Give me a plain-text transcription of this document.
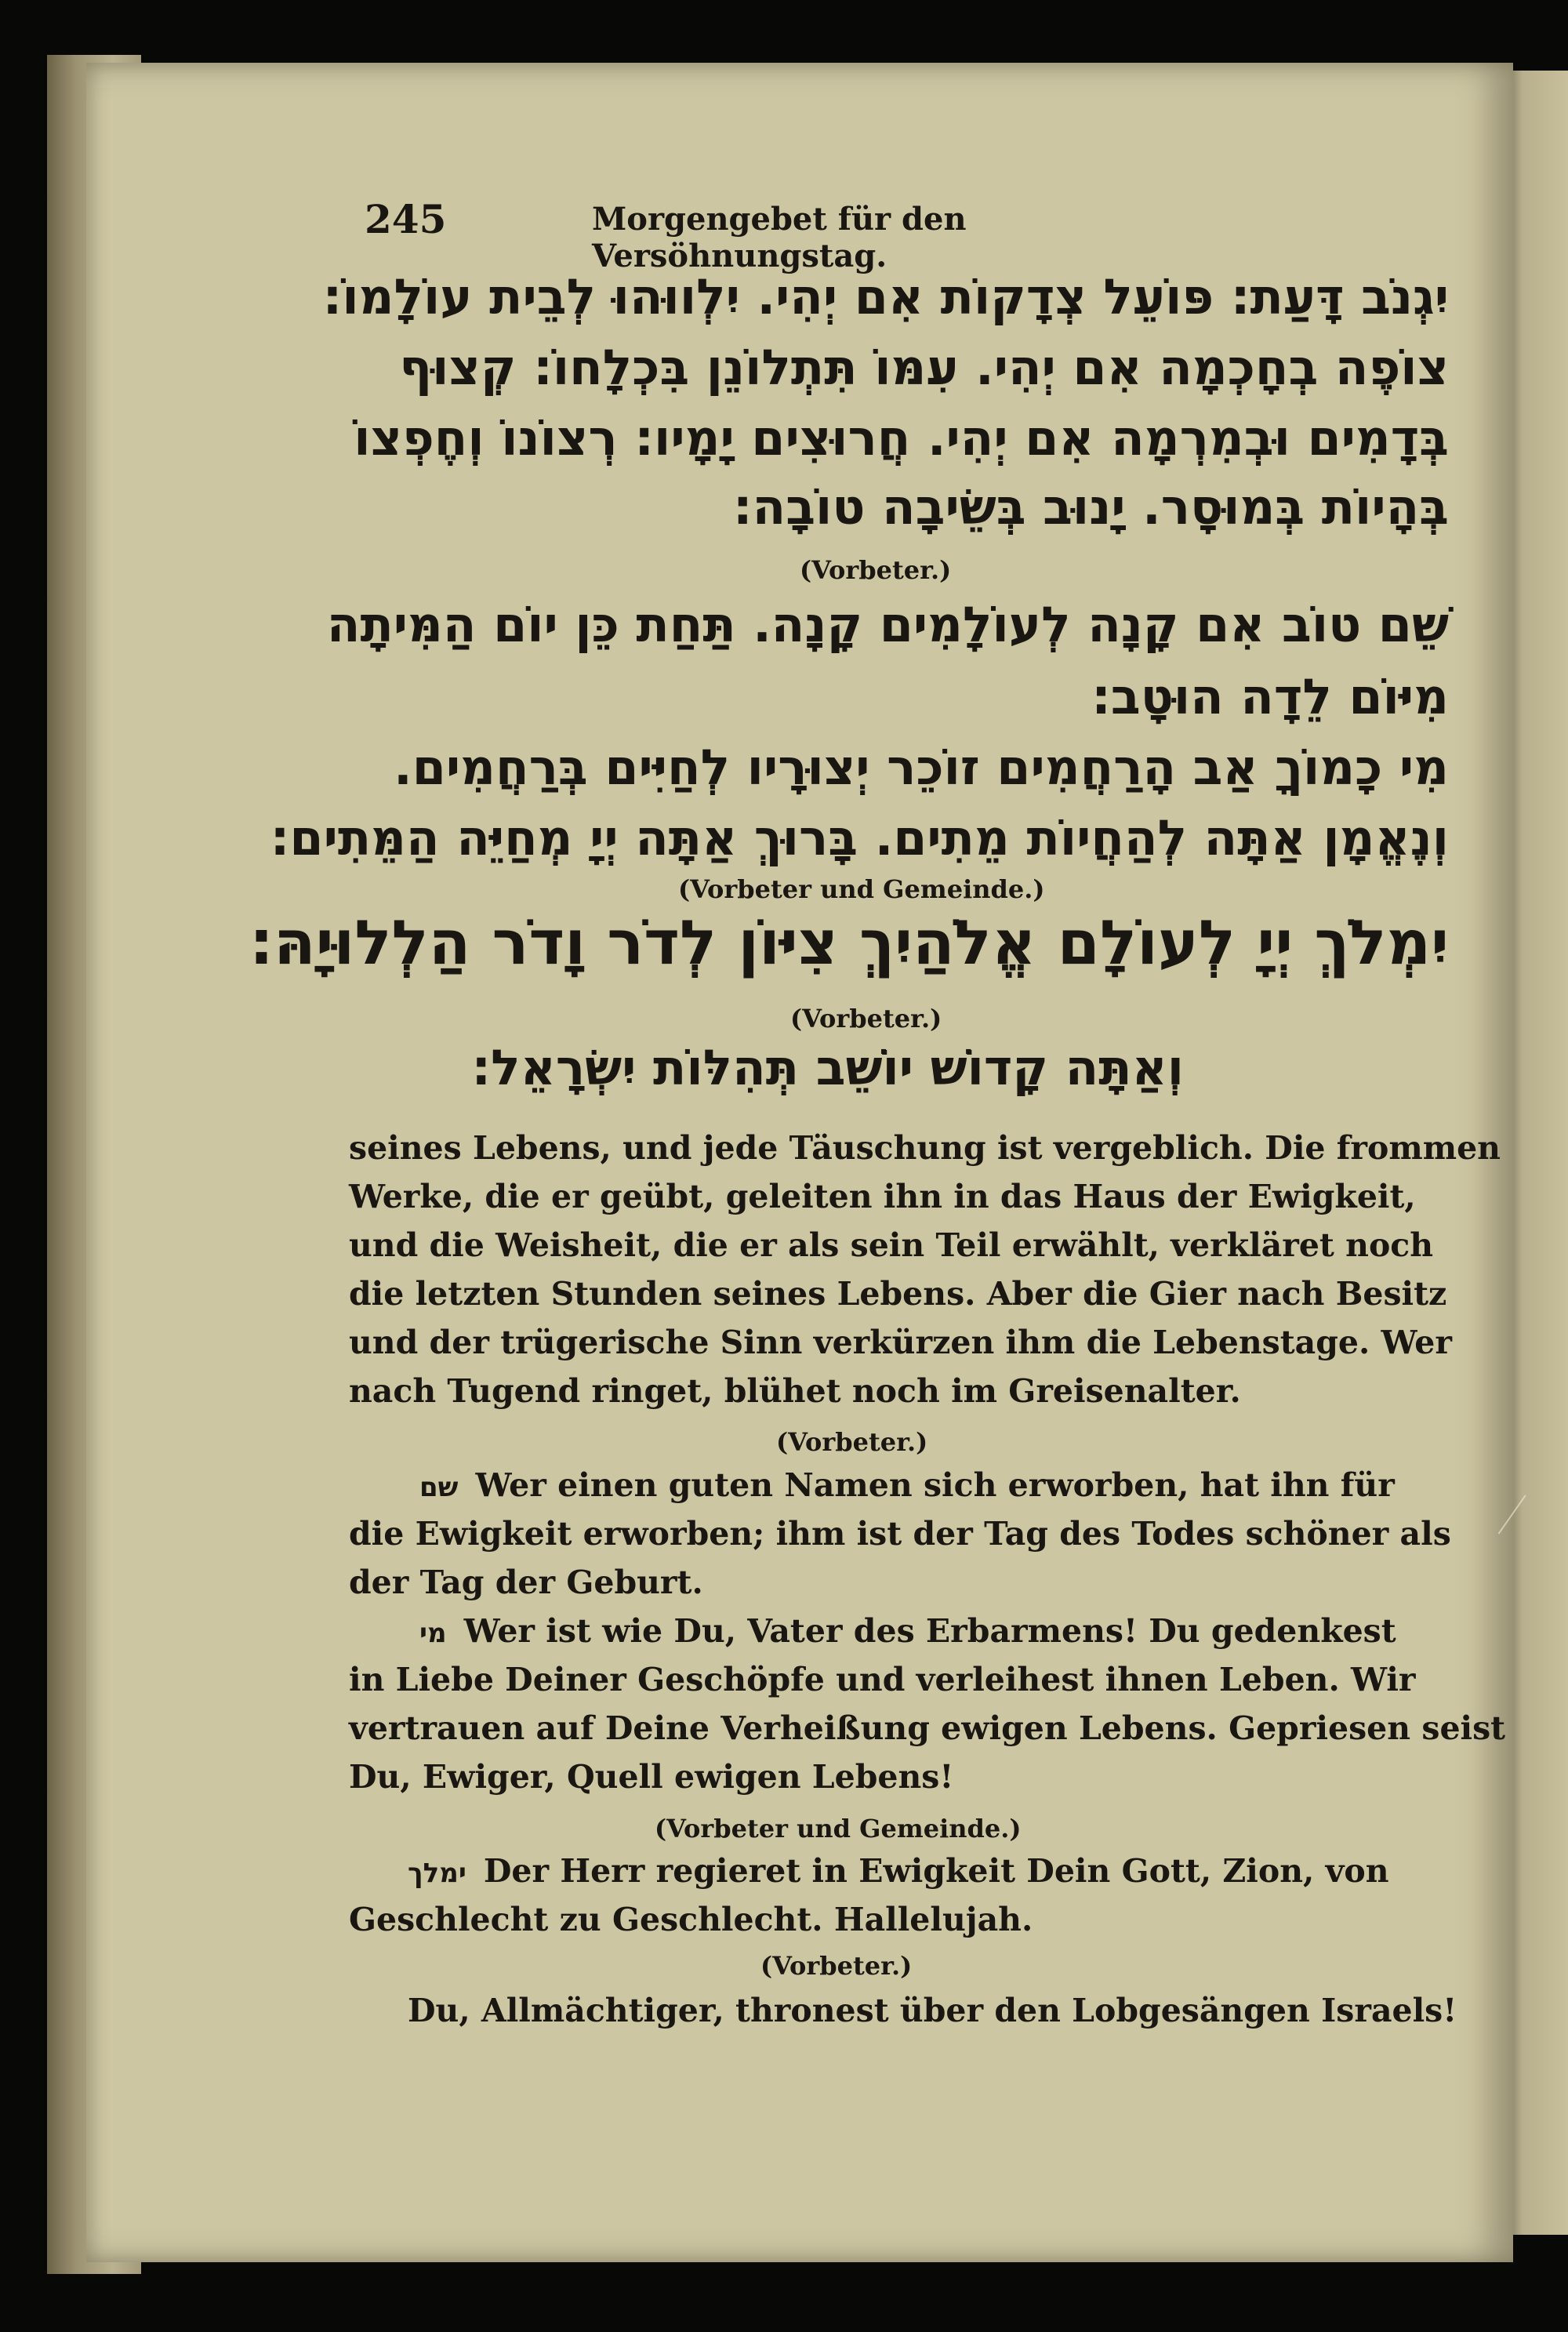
245	Morgengebet für den Versöhnungstag.
יִגְנֹב דָּעַת: פּוֹעֵל צְדָקוֹת אִם יְהִי. יִלְווּהוּ לְבֵית עוֹלָמוֹ:
צוֹפֶה בְחָכְמָה אִם יְהִי. עִמּוֹ תִּתְלוֹנֵן בִּכְלָחוֹ: קְצוּף
בְּדָמִים וּבְמִרְמָה אִם יְהִי. חֲרוּצִים יָמָיו: רְצוֹנוֹ וְחֶפְצוֹ
בְּהָיוֹת בְּמוּסָר. יָנוּב בְּשֵׂיבָה טוֹבָה:
(Vorbeter.)
שֵׁם טוֹב אִם קָנָה לְעוֹלָמִים קָנָה. תַּחַת כֵּן יוֹם הַמִּיתָה
מִיּוֹם לֵדָה הוּטָב:
מִי כָמוֹךָ אַב הָרַחֲמִים זוֹכֵר יְצוּרָיו לְחַיִּים בְּרַחֲמִים.
וְנֶאֱמָן אַתָּה לְהַחֲיוֹת מֵתִים. בָּרוּךְ אַתָּה יְיָ מְחַיֵּה הַמֵּתִים:
(Vorbeter und Gemeinde.)
יִמְלֹךְ יְיָ לְעוֹלָם אֱלֹהַיִךְ צִיּוֹן לְדֹר וָדֹר הַלְלוּיָהּ:
(Vorbeter.)
וְאַתָּה קָדוֹשׁ יוֹשֵׁב תְּהִלּוֹת יִשְׂרָאֵל:
seines Lebens, und jede Täuschung ist vergeblich. Die frommen
Werke, die er geübt, geleiten ihn in das Haus der Ewigkeit,
und die Weisheit, die er als sein Teil erwählt, verkläret noch
die letzten Stunden seines Lebens. Aber die Gier nach Besitz
und der trügerische Sinn verkürzen ihm die Lebenstage. Wer
nach Tugend ringet, blühet noch im Greisenalter.
(Vorbeter.)
שם Wer einen guten Namen sich erworben, hat ihn für
die Ewigkeit erworben; ihm ist der Tag des Todes schöner als
der Tag der Geburt.
מי Wer ist wie Du, Vater des Erbarmens! Du gedenkest
in Liebe Deiner Geschöpfe und verleihest ihnen Leben. Wir
vertrauen auf Deine Verheißung ewigen Lebens. Gepriesen seist
Du, Ewiger, Quell ewigen Lebens!
(Vorbeter und Gemeinde.)
ימלך Der Herr regieret in Ewigkeit Dein Gott, Zion, von
Geschlecht zu Geschlecht. Hallelujah.
(Vorbeter.)
Du, Allmächtiger, thronest über den Lobgesängen Israels!
